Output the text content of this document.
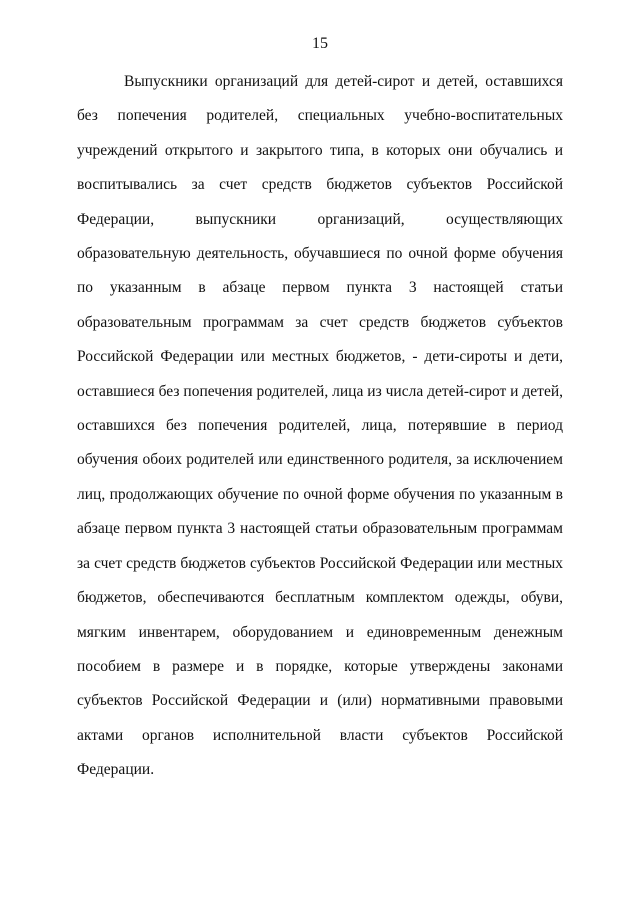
15

Выпускники организаций для детей-сирот и детей, оставшихся без попечения родителей, специальных учебно-воспитательных учреждений открытого и закрытого типа, в которых они обучались и воспитывались за счет средств бюджетов субъектов Российской Федерации, выпускники организаций, осуществляющих образовательную деятельность, обучавшиеся по очной форме обучения по указанным в абзаце первом пункта 3 настоящей статьи образовательным программам за счет средств бюджетов субъектов Российской Федерации или местных бюджетов, - дети-сироты и дети, оставшиеся без попечения родителей, лица из числа детей-сирот и детей, оставшихся без попечения родителей, лица, потерявшие в период обучения обоих родителей или единственного родителя, за исключением лиц, продолжающих обучение по очной форме обучения по указанным в абзаце первом пункта 3 настоящей статьи образовательным программам за счет средств бюджетов субъектов Российской Федерации или местных бюджетов, обеспечиваются бесплатным комплектом одежды, обуви, мягким инвентарем, оборудованием и единовременным денежным пособием в размере и в порядке, которые утверждены законами субъектов Российской Федерации и (или) нормативными правовыми актами органов исполнительной власти субъектов Российской Федерации.
